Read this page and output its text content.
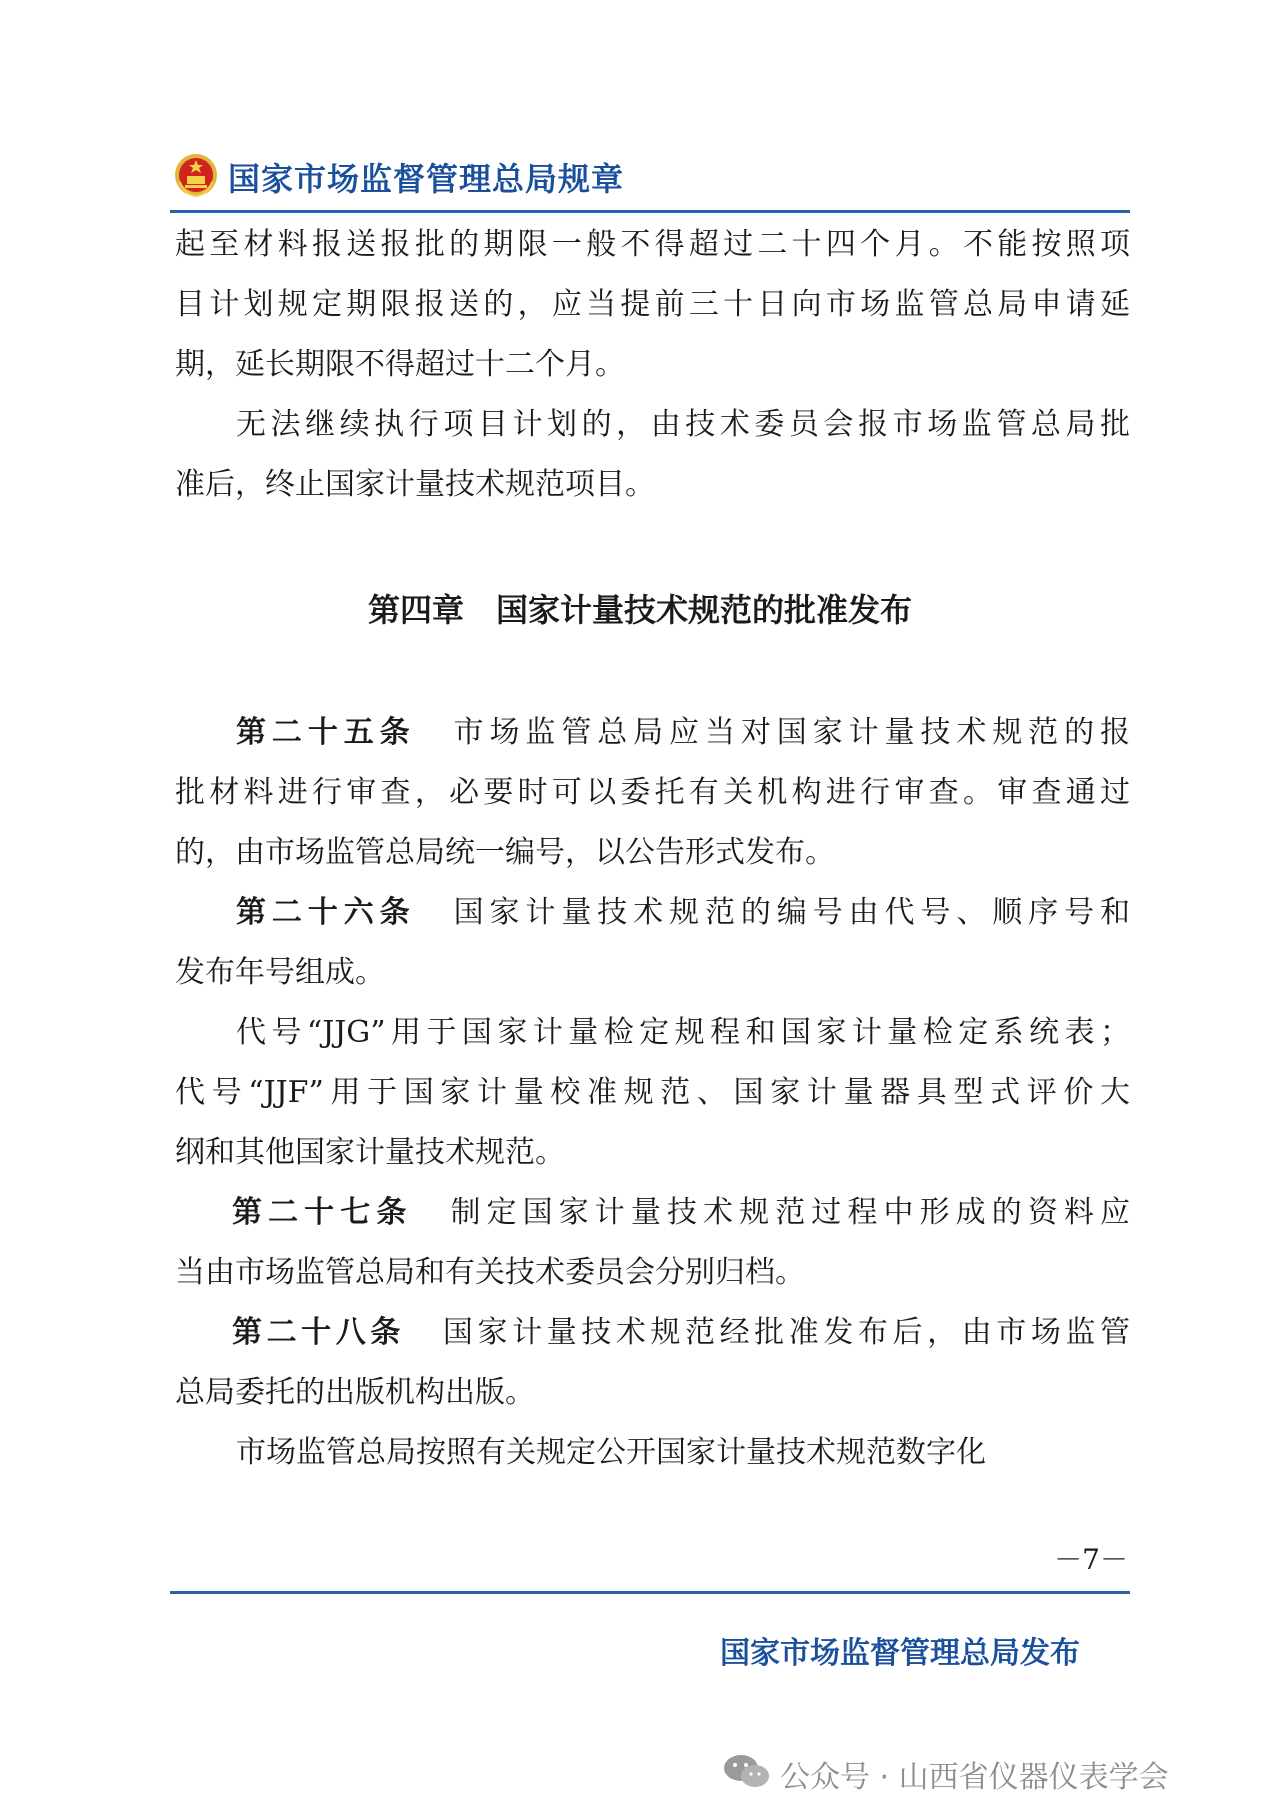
国家市场监督管理总局规章
起至材料报送报批的期限一般不得超过二十四个月。不能按照项
目计划规定期限报送的，应当提前三十日向市场监管总局申请延
期，延长期限不得超过十二个月。
无法继续执行项目计划的，由技术委员会报市场监管总局批
准后，终止国家计量技术规范项目。
第四章　国家计量技术规范的批准发布
第二十五条 市场监管总局应当对国家计量技术规范的报
批材料进行审查，必要时可以委托有关机构进行审查。审查通过
的，由市场监管总局统一编号，以公告形式发布。
第二十六条 国家计量技术规范的编号由代号、顺序号和
发布年号组成。
代号“JJG”用于国家计量检定规程和国家计量检定系统表；
代号“JJF”用于国家计量校准规范、国家计量器具型式评价大
纲和其他国家计量技术规范。
第二十七条 制定国家计量技术规范过程中形成的资料应
当由市场监管总局和有关技术委员会分别归档。
第二十八条 国家计量技术规范经批准发布后，由市场监管
总局委托的出版机构出版。
市场监管总局按照有关规定公开国家计量技术规范数字化
－7－
国家市场监督管理总局发布
公众号 · 山西省仪器仪表学会
